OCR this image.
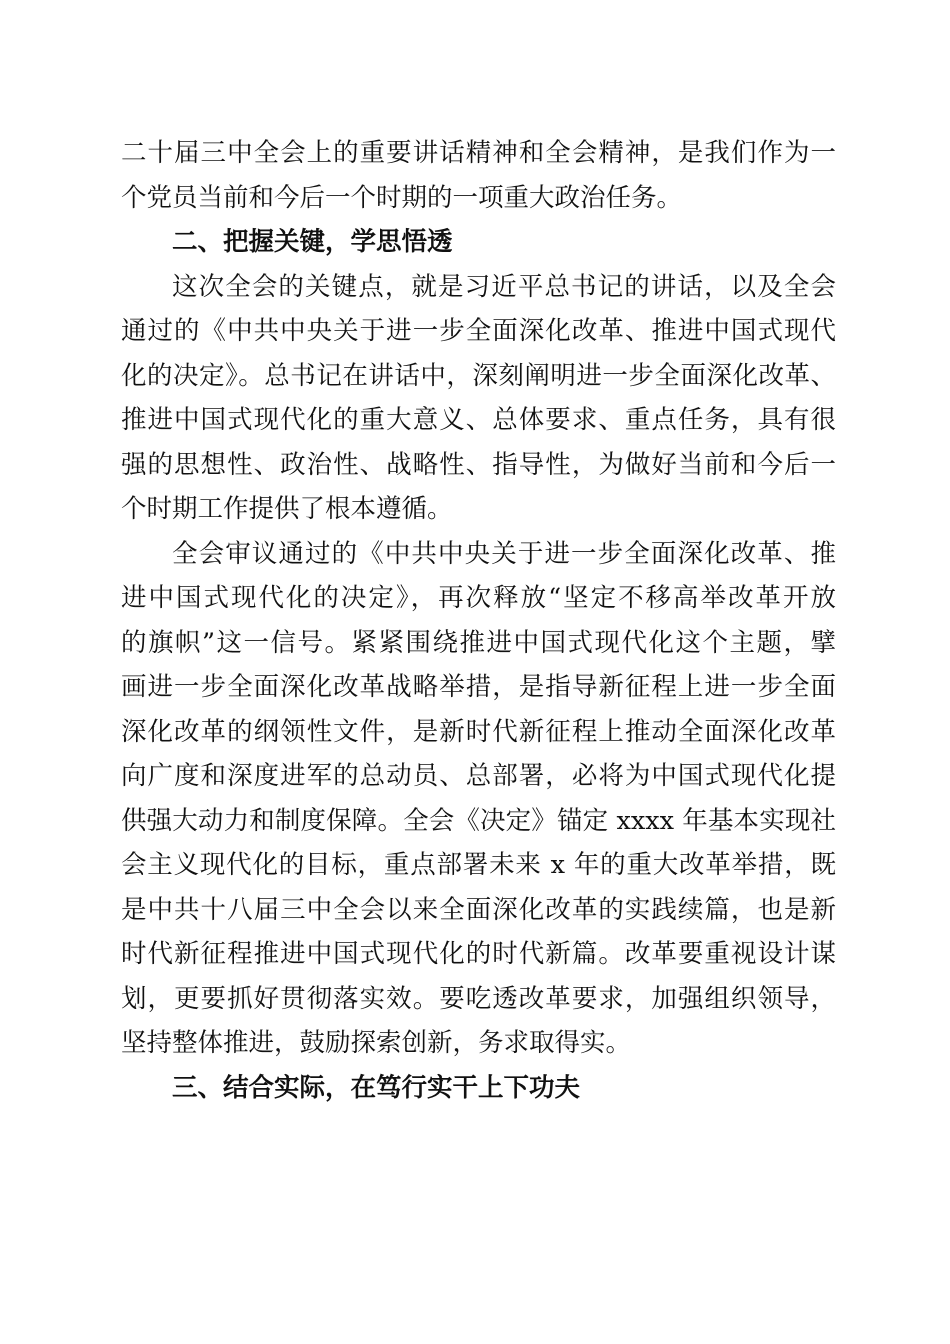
二十届三中全会上的重要讲话精神和全会精神，是我们作为一
个党员当前和今后一个时期的一项重大政治任务。
二、把握关键，学思悟透
这次全会的关键点，就是习近平总书记的讲话，以及全会
通过的《中共中央关于进一步全面深化改革、推进中国式现代
化的决定》。总书记在讲话中，深刻阐明进一步全面深化改革、
推进中国式现代化的重大意义、总体要求、重点任务，具有很
强的思想性、政治性、战略性、指导性，为做好当前和今后一
个时期工作提供了根本遵循。
全会审议通过的《中共中央关于进一步全面深化改革、推
进中国式现代化的决定》，再次释放“坚定不移高举改革开放
的旗帜”这一信号。紧紧围绕推进中国式现代化这个主题，擘
画进一步全面深化改革战略举措，是指导新征程上进一步全面
深化改革的纲领性文件，是新时代新征程上推动全面深化改革
向广度和深度进军的总动员、总部署，必将为中国式现代化提
供强大动力和制度保障。全会《决定》锚定 xxxx 年基本实现社
会主义现代化的目标，重点部署未来 x 年的重大改革举措，既
是中共十八届三中全会以来全面深化改革的实践续篇，也是新
时代新征程推进中国式现代化的时代新篇。改革要重视设计谋
划，更要抓好贯彻落实效。要吃透改革要求，加强组织领导，
坚持整体推进，鼓励探索创新，务求取得实。
三、结合实际，在笃行实干上下功夫
